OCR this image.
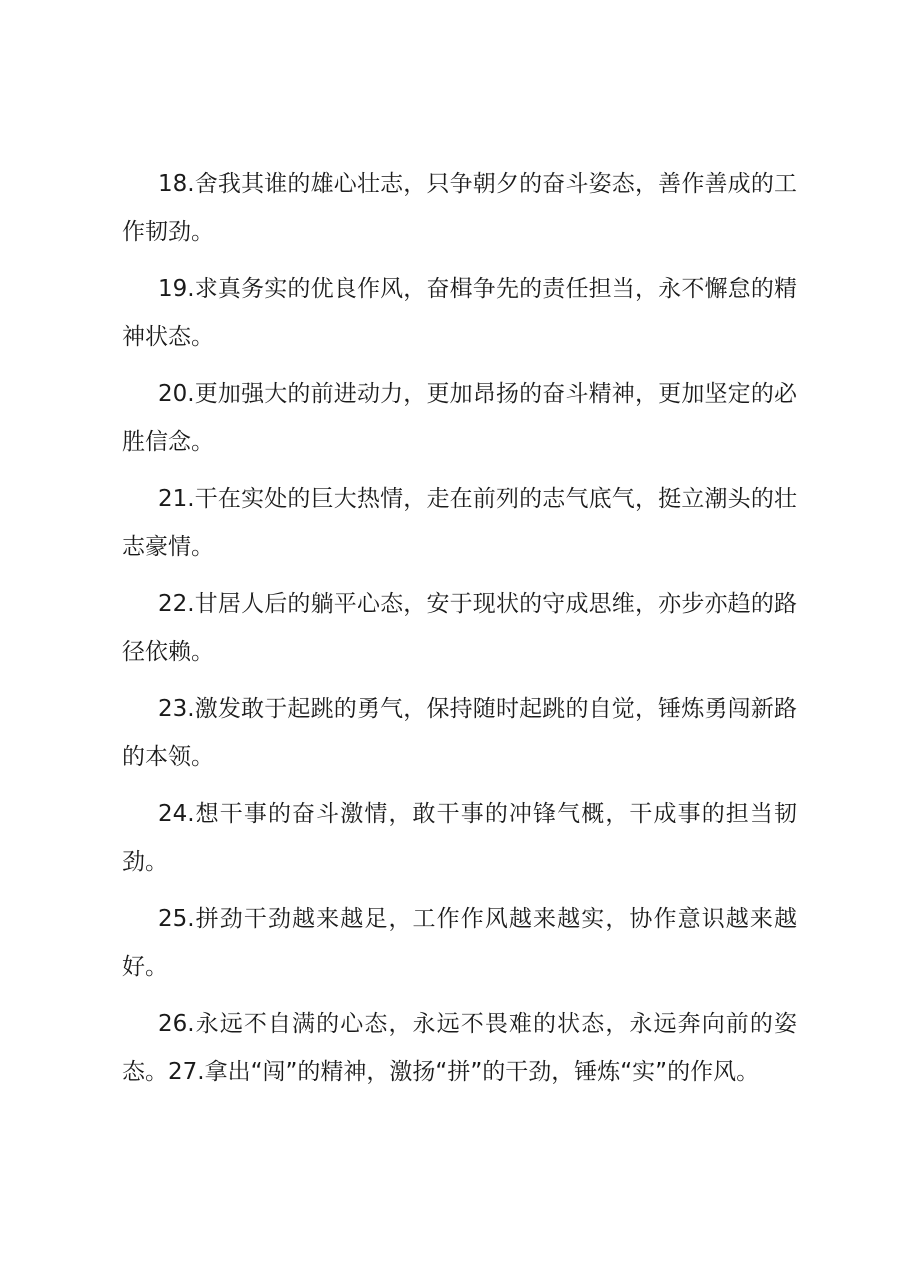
18.舍我其谁的雄心壮志，只争朝夕的奋斗姿态，善作善成的工作韧劲。

19.求真务实的优良作风，奋楫争先的责任担当，永不懈怠的精神状态。

20.更加强大的前进动力，更加昂扬的奋斗精神，更加坚定的必胜信念。

21.干在实处的巨大热情，走在前列的志气底气，挺立潮头的壮志豪情。

22.甘居人后的躺平心态，安于现状的守成思维，亦步亦趋的路径依赖。

23.激发敢于起跳的勇气，保持随时起跳的自觉，锤炼勇闯新路的本领。

24.想干事的奋斗激情，敢干事的冲锋气概，干成事的担当韧劲。

25.拼劲干劲越来越足，工作作风越来越实，协作意识越来越好。

26.永远不自满的心态，永远不畏难的状态，永远奔向前的姿态。27.拿出“闯”的精神，激扬“拼”的干劲，锤炼“实”的作风。
